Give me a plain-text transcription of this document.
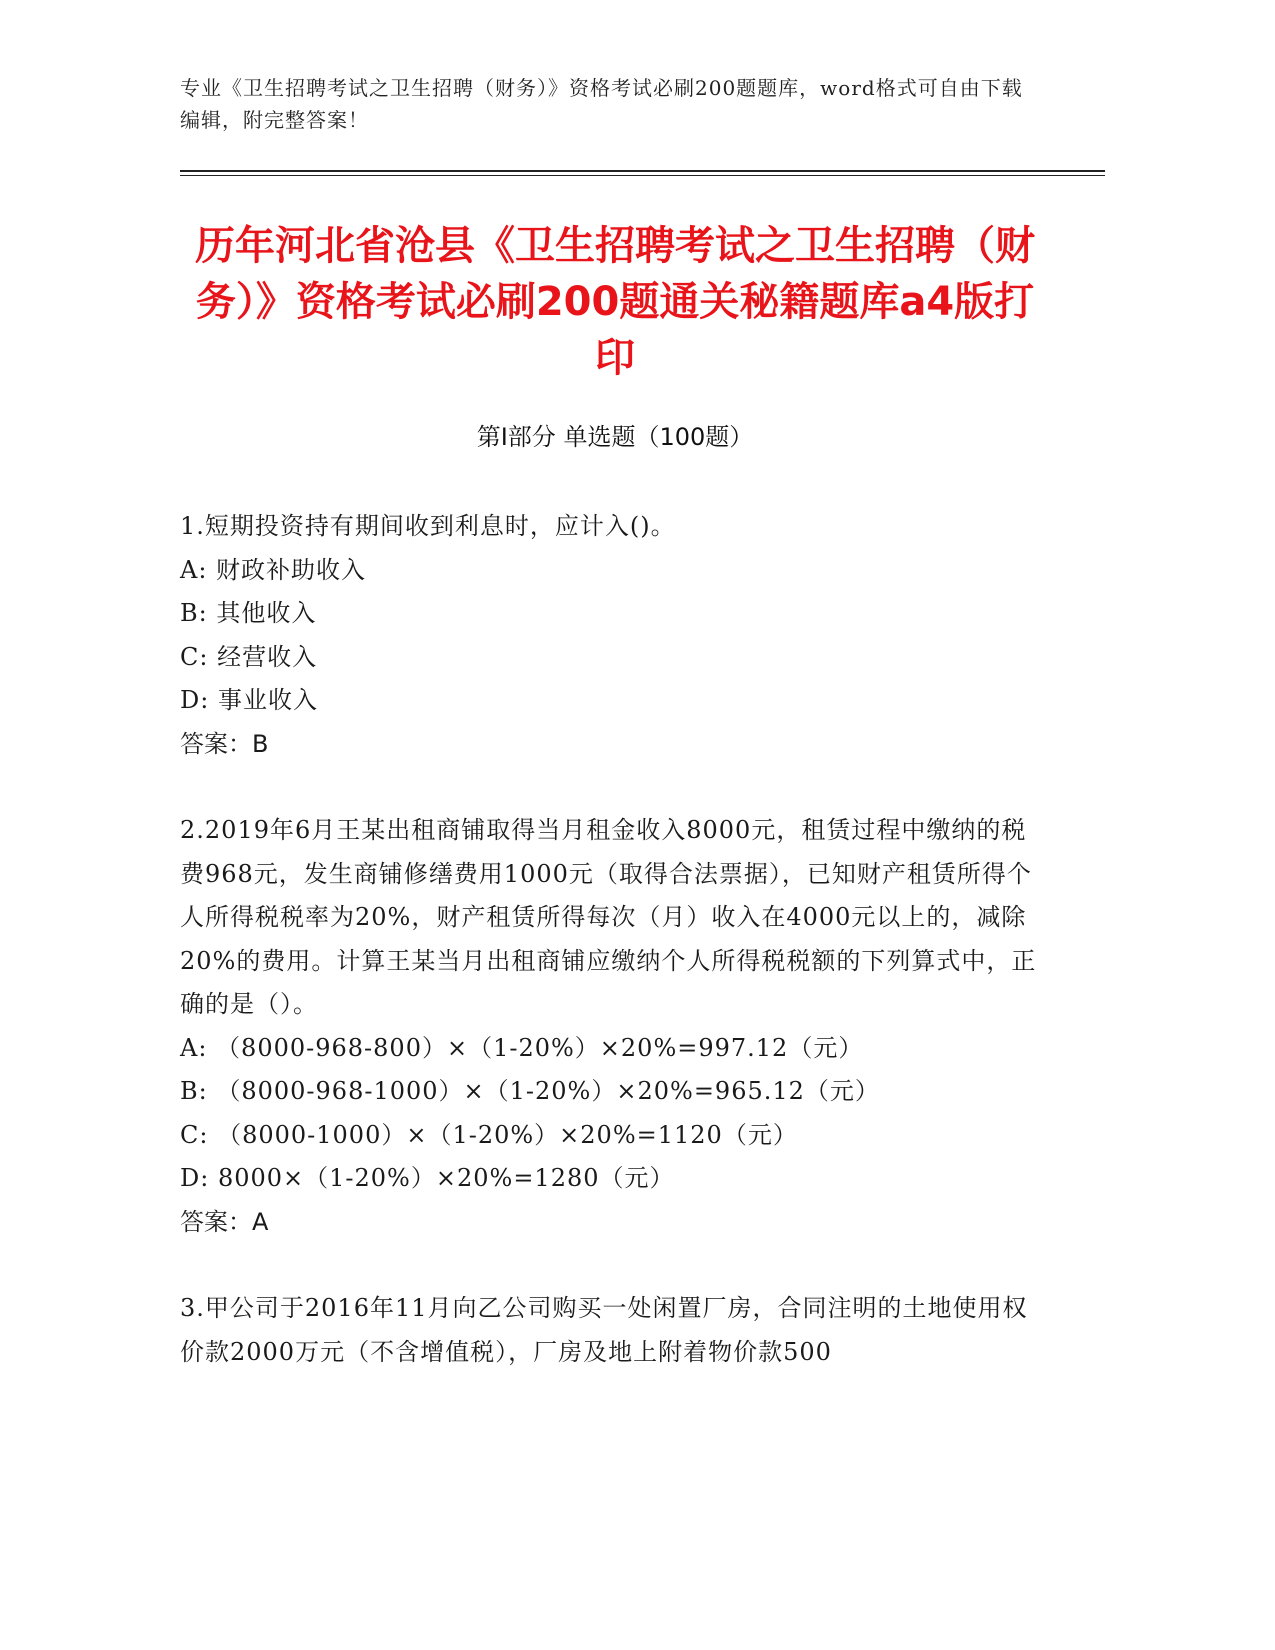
专业《卫生招聘考试之卫生招聘（财务）》资格考试必刷200题题库，word格式可自由下载编辑，附完整答案！
历年河北省沧县《卫生招聘考试之卫生招聘（财务）》资格考试必刷200题通关秘籍题库a4版打印
第Ⅰ部分 单选题（100题）
1.短期投资持有期间收到利息时，应计入()。
A: 财政补助收入
B: 其他收入
C: 经营收入
D: 事业收入
答案：B
2.2019年6月王某出租商铺取得当月租金收入8000元，租赁过程中缴纳的税费968元，发生商铺修缮费用1000元（取得合法票据），已知财产租赁所得个人所得税税率为20%，财产租赁所得每次（月）收入在4000元以上的，减除20%的费用。计算王某当月出租商铺应缴纳个人所得税税额的下列算式中，正确的是（）。
A: （8000-968-800）×（1-20%）×20%=997.12（元）
B: （8000-968-1000）×（1-20%）×20%=965.12（元）
C: （8000-1000）×（1-20%）×20%=1120（元）
D: 8000×（1-20%）×20%=1280（元）
答案：A
3.甲公司于2016年11月向乙公司购买一处闲置厂房，合同注明的土地使用权价款2000万元（不含增值税），厂房及地上附着物价款500
